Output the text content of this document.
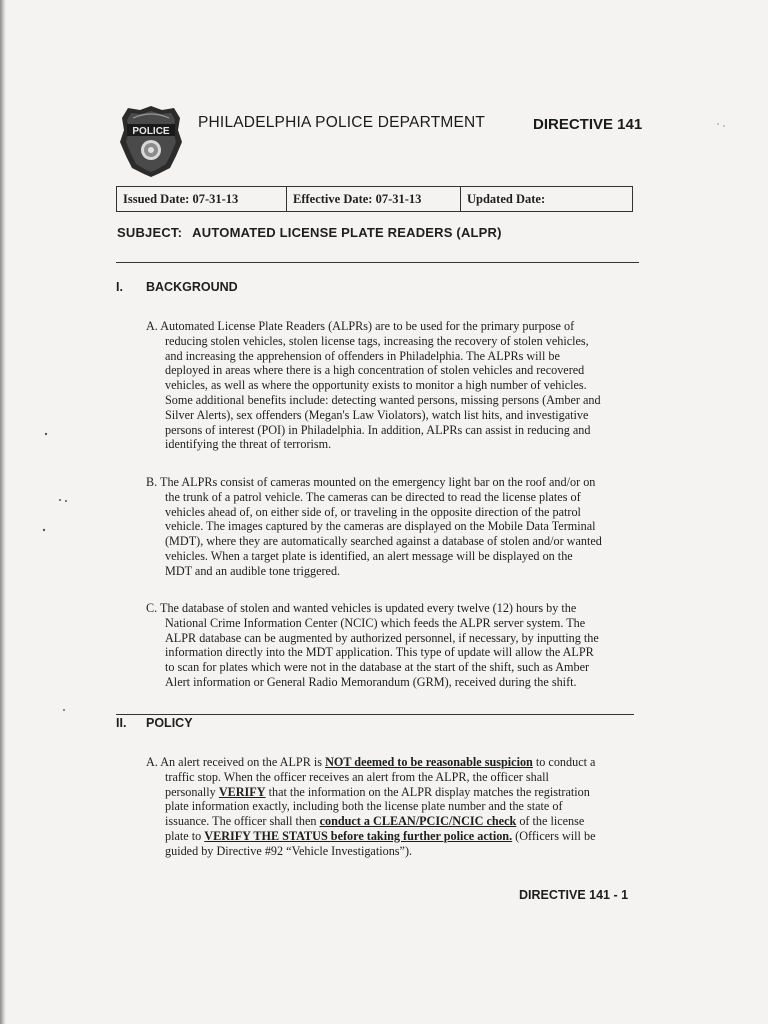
POLICE
PHILADELPHIA POLICE DEPARTMENT	DIRECTIVE 141
Issued Date: 07-31-13	Effective Date: 07-31-13	Updated Date:
SUBJECT: AUTOMATED LICENSE PLATE READERS (ALPR)
I. BACKGROUND
A. Automated License Plate Readers (ALPRs) are to be used for the primary purpose of
reducing stolen vehicles, stolen license tags, increasing the recovery of stolen vehicles,
and increasing the apprehension of offenders in Philadelphia. The ALPRs will be
deployed in areas where there is a high concentration of stolen vehicles and recovered
vehicles, as well as where the opportunity exists to monitor a high number of vehicles.
Some additional benefits include: detecting wanted persons, missing persons (Amber and
Silver Alerts), sex offenders (Megan's Law Violators), watch list hits, and investigative
persons of interest (POI) in Philadelphia. In addition, ALPRs can assist in reducing and
identifying the threat of terrorism.
B. The ALPRs consist of cameras mounted on the emergency light bar on the roof and/or on
the trunk of a patrol vehicle. The cameras can be directed to read the license plates of
vehicles ahead of, on either side of, or traveling in the opposite direction of the patrol
vehicle. The images captured by the cameras are displayed on the Mobile Data Terminal
(MDT), where they are automatically searched against a database of stolen and/or wanted
vehicles. When a target plate is identified, an alert message will be displayed on the
MDT and an audible tone triggered.
C. The database of stolen and wanted vehicles is updated every twelve (12) hours by the
National Crime Information Center (NCIC) which feeds the ALPR server system. The
ALPR database can be augmented by authorized personnel, if necessary, by inputting the
information directly into the MDT application. This type of update will allow the ALPR
to scan for plates which were not in the database at the start of the shift, such as Amber
Alert information or General Radio Memorandum (GRM), received during the shift.
II. POLICY
A. An alert received on the ALPR is NOT deemed to be reasonable suspicion to conduct a
traffic stop. When the officer receives an alert from the ALPR, the officer shall
personally VERIFY that the information on the ALPR display matches the registration
plate information exactly, including both the license plate number and the state of
issuance. The officer shall then conduct a CLEAN/PCIC/NCIC check of the license
plate to VERIFY THE STATUS before taking further police action. (Officers will be
guided by Directive #92 “Vehicle Investigations”).
DIRECTIVE 141 - 1
